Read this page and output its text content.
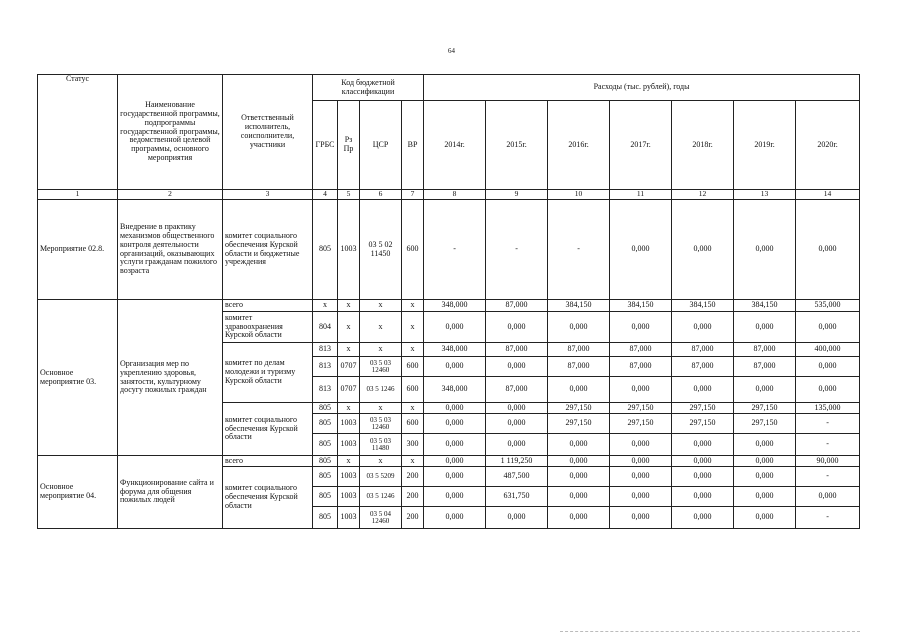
64
Статус	Наименование государственной программы, подпрограммы государственной программы, ведомственной целевой программы, основного мероприятия	Ответственный исполнитель, соисполнители, участники	Код бюджетной классификации				Расходы (тыс. рублей), годы						
			ГРБС	Рз Пр	ЦСР	ВР	2014г.	2015г.	2016г.	2017г.	2018г.	2019г.	2020г.
1	2	3	4	5	6	7	8	9	10	11	12	13	14
Мероприятие 02.8.	Внедрение в практику механизмов общественного контроля деятельности организаций, оказывающих услуги гражданам пожилого возраста	комитет социального обеспечения Курской области и бюджетные учреждения	805	1003	03 5 02 11450	600	-	-	-	0,000	0,000	0,000	0,000
Основное мероприятие 03.	Организация мер по укреплению здоровья, занятости, культурному досугу пожилых граждан	всего	x	x	x	x	348,000	87,000	384,150	384,150	384,150	384,150	535,000
		комитет здравоохранения Курской области	804	x	x	x	0,000	0,000	0,000	0,000	0,000	0,000	0,000
		комитет по делам молодежи и туризму Курской области	813	x	x	x	348,000	87,000	87,000	87,000	87,000	87,000	400,000
			813	0707	03 5 03 12460	600	0,000	0,000	87,000	87,000	87,000	87,000	0,000
			813	0707	03 5 1246	600	348,000	87,000	0,000	0,000	0,000	0,000	0,000
		комитет социального обеспечения Курской области	805	x	x	x	0,000	0,000	297,150	297,150	297,150	297,150	135,000
			805	1003	03 5 03 12460	600	0,000	0,000	297,150	297,150	297,150	297,150	-
			805	1003	03 5 03 11480	300	0,000	0,000	0,000	0,000	0,000	0,000	-
Основное мероприятие 04.	Функционирование сайта и форума для общения пожилых людей	всего	805	x	x	x	0,000	1 119,250	0,000	0,000	0,000	0,000	90,000
		комитет социального обеспечения Курской области	805	1003	03 5 5209	200	0,000	487,500	0,000	0,000	0,000	0,000	-
			805	1003	03 5 1246	200	0,000	631,750	0,000	0,000	0,000	0,000	0,000
			805	1003	03 5 04 12460	200	0,000	0,000	0,000	0,000	0,000	0,000	-
